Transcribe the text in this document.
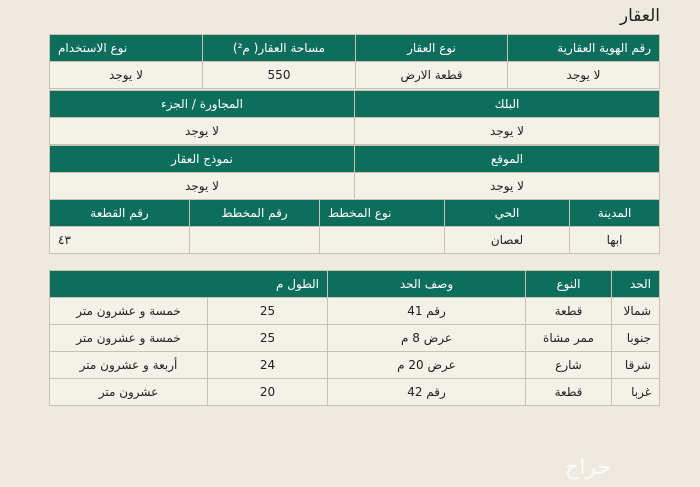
العقار
رقم الهوية العقارية	نوع العقار	مساحة العقار( م²)	نوع الاستخدام
لا يوجد	قطعة الارض	550	لا يوجد
البلك	المجاورة / الجزء
لا يوجد	لا يوجد
الموقع	نموذج العقار
لا يوجد	لا يوجد
المدينة	الحي	نوع المخطط	رقم المخطط	رقم القطعة
ابها	لعصان			٤٣
الحد	النوع	وصف الحد	الطول م	
شمالا	قطعة	رقم 41	25	خمسة و عشرون متر
جنوبا	ممر مشاة	عرض 8 م	25	خمسة و عشرون متر
شرقا	شارع	عرض 20 م	24	أربعة و عشرون متر
غربا	قطعة	رقم 42	20	عشرون متر
حراج
